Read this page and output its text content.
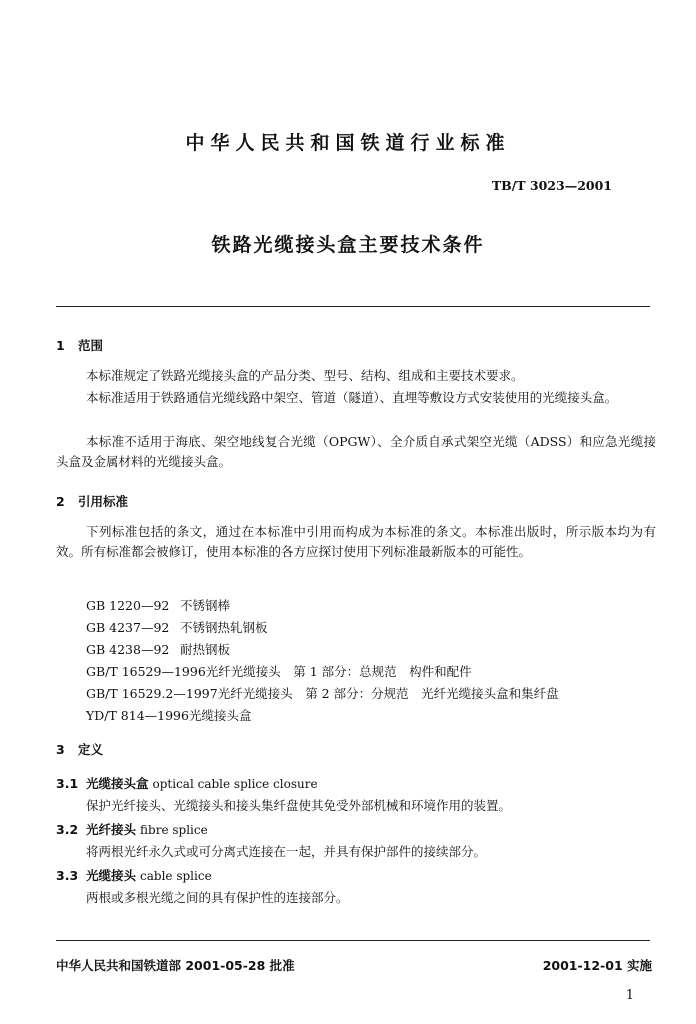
中华人民共和国铁道行业标准
TB/T 3023—2001
铁路光缆接头盒主要技术条件
1 范围
本标准规定了铁路光缆接头盒的产品分类、型号、结构、组成和主要技术要求。
本标准适用于铁路通信光缆线路中架空、管道（隧道）、直埋等敷设方式安装使用的光缆接头盒。
本标准不适用于海底、架空地线复合光缆（OPGW）、全介质自承式架空光缆（ADSS）和应急光缆接头盒及金属材料的光缆接头盒。
2 引用标准
下列标准包括的条文，通过在本标准中引用而构成为本标准的条文。本标准出版时，所示版本均为有效。所有标准都会被修订，使用本标准的各方应探讨使用下列标准最新版本的可能性。
GB 1220—92 不锈钢棒
GB 4237—92 不锈钢热轧钢板
GB 4238—92 耐热钢板
GB/T 16529—1996光纤光缆接头　第 1 部分：总规范　构件和配件
GB/T 16529.2—1997光纤光缆接头　第 2 部分：分规范　光纤光缆接头盒和集纤盘
YD/T 814—1996光缆接头盒
3 定义
3.1 光缆接头盒 optical cable splice closure
保护光纤接头、光缆接头和接头集纤盘使其免受外部机械和环境作用的装置。
3.2 光纤接头 fibre splice
将两根光纤永久式或可分离式连接在一起，并具有保护部件的接续部分。
3.3 光缆接头 cable splice
两根或多根光缆之间的具有保护性的连接部分。
中华人民共和国铁道部 2001-05-28 批准	2001-12-01 实施
1
